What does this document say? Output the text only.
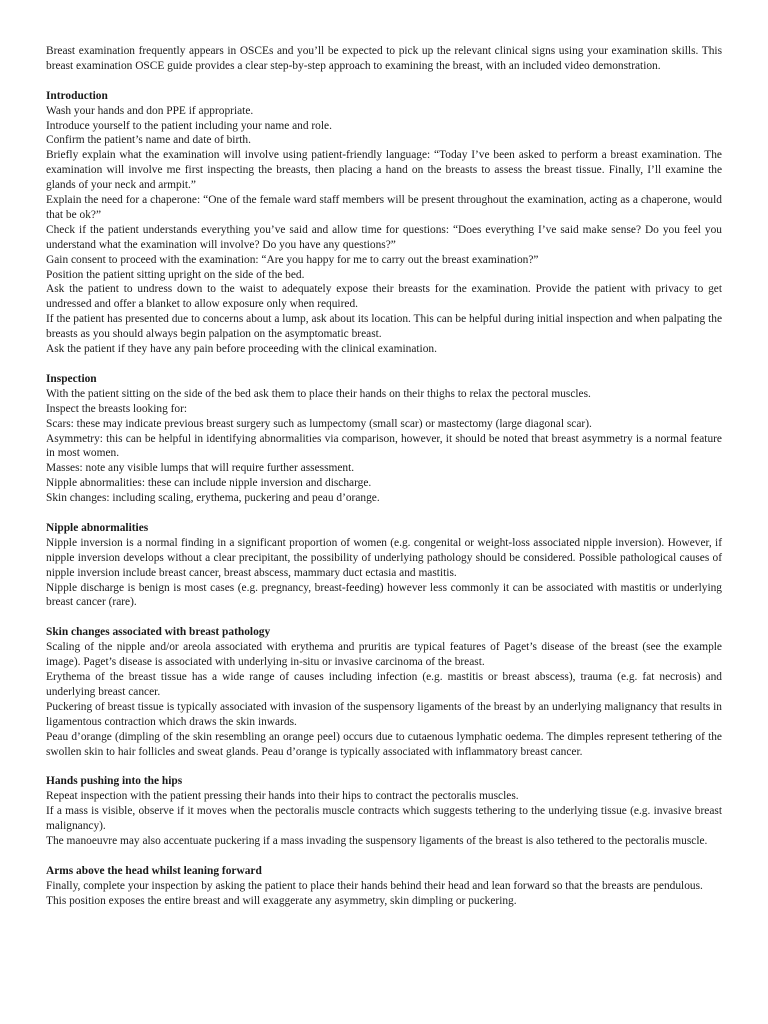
Breast examination frequently appears in OSCEs and you’ll be expected to pick up the relevant clinical signs using your examination skills. This breast examination OSCE guide provides a clear step-by-step approach to examining the breast, with an included video demonstration.

Introduction

Wash your hands and don PPE if appropriate.

Introduce yourself to the patient including your name and role.

Confirm the patient’s name and date of birth.

Briefly explain what the examination will involve using patient-friendly language: “Today I’ve been asked to perform a breast examination. The examination will involve me first inspecting the breasts, then placing a hand on the breasts to assess the breast tissue. Finally, I’ll examine the glands of your neck and armpit.”

Explain the need for a chaperone: “One of the female ward staff members will be present throughout the examination, acting as a chaperone, would that be ok?”

Check if the patient understands everything you’ve said and allow time for questions: “Does everything I’ve said make sense? Do you feel you understand what the examination will involve? Do you have any questions?”

Gain consent to proceed with the examination: “Are you happy for me to carry out the breast examination?”

Position the patient sitting upright on the side of the bed.

Ask the patient to undress down to the waist to adequately expose their breasts for the examination. Provide the patient with privacy to get undressed and offer a blanket to allow exposure only when required.

If the patient has presented due to concerns about a lump, ask about its location. This can be helpful during initial inspection and when palpating the breasts as you should always begin palpation on the asymptomatic breast.

Ask the patient if they have any pain before proceeding with the clinical examination.

Inspection

With the patient sitting on the side of the bed ask them to place their hands on their thighs to relax the pectoral muscles.

Inspect the breasts looking for:

Scars: these may indicate previous breast surgery such as lumpectomy (small scar) or mastectomy (large diagonal scar).

Asymmetry: this can be helpful in identifying abnormalities via comparison, however, it should be noted that breast asymmetry is a normal feature in most women.

Masses: note any visible lumps that will require further assessment.

Nipple abnormalities: these can include nipple inversion and discharge.

Skin changes: including scaling, erythema, puckering and peau d’orange.

Nipple abnormalities

Nipple inversion is a normal finding in a significant proportion of women (e.g. congenital or weight-loss associated nipple inversion). However, if nipple inversion develops without a clear precipitant, the possibility of underlying pathology should be considered. Possible pathological causes of nipple inversion include breast cancer, breast abscess, mammary duct ectasia and mastitis.

Nipple discharge is benign is most cases (e.g. pregnancy, breast-feeding) however less commonly it can be associated with mastitis or underlying breast cancer (rare).

Skin changes associated with breast pathology

Scaling of the nipple and/or areola associated with erythema and pruritis are typical features of Paget’s disease of the breast (see the example image). Paget’s disease is associated with underlying in-situ or invasive carcinoma of the breast.

Erythema of the breast tissue has a wide range of causes including infection (e.g. mastitis or breast abscess), trauma (e.g. fat necrosis) and underlying breast cancer.

Puckering of breast tissue is typically associated with invasion of the suspensory ligaments of the breast by an underlying malignancy that results in ligamentous contraction which draws the skin inwards.

Peau d’orange (dimpling of the skin resembling an orange peel) occurs due to cutaenous lymphatic oedema. The dimples represent tethering of the swollen skin to hair follicles and sweat glands. Peau d’orange is typically associated with inflammatory breast cancer.

Hands pushing into the hips

Repeat inspection with the patient pressing their hands into their hips to contract the pectoralis muscles.

If a mass is visible, observe if it moves when the pectoralis muscle contracts which suggests tethering to the underlying tissue (e.g. invasive breast malignancy).

The manoeuvre may also accentuate puckering if a mass invading the suspensory ligaments of the breast is also tethered to the pectoralis muscle.

Arms above the head whilst leaning forward

Finally, complete your inspection by asking the patient to place their hands behind their head and lean forward so that the breasts are pendulous.

This position exposes the entire breast and will exaggerate any asymmetry, skin dimpling or puckering.
